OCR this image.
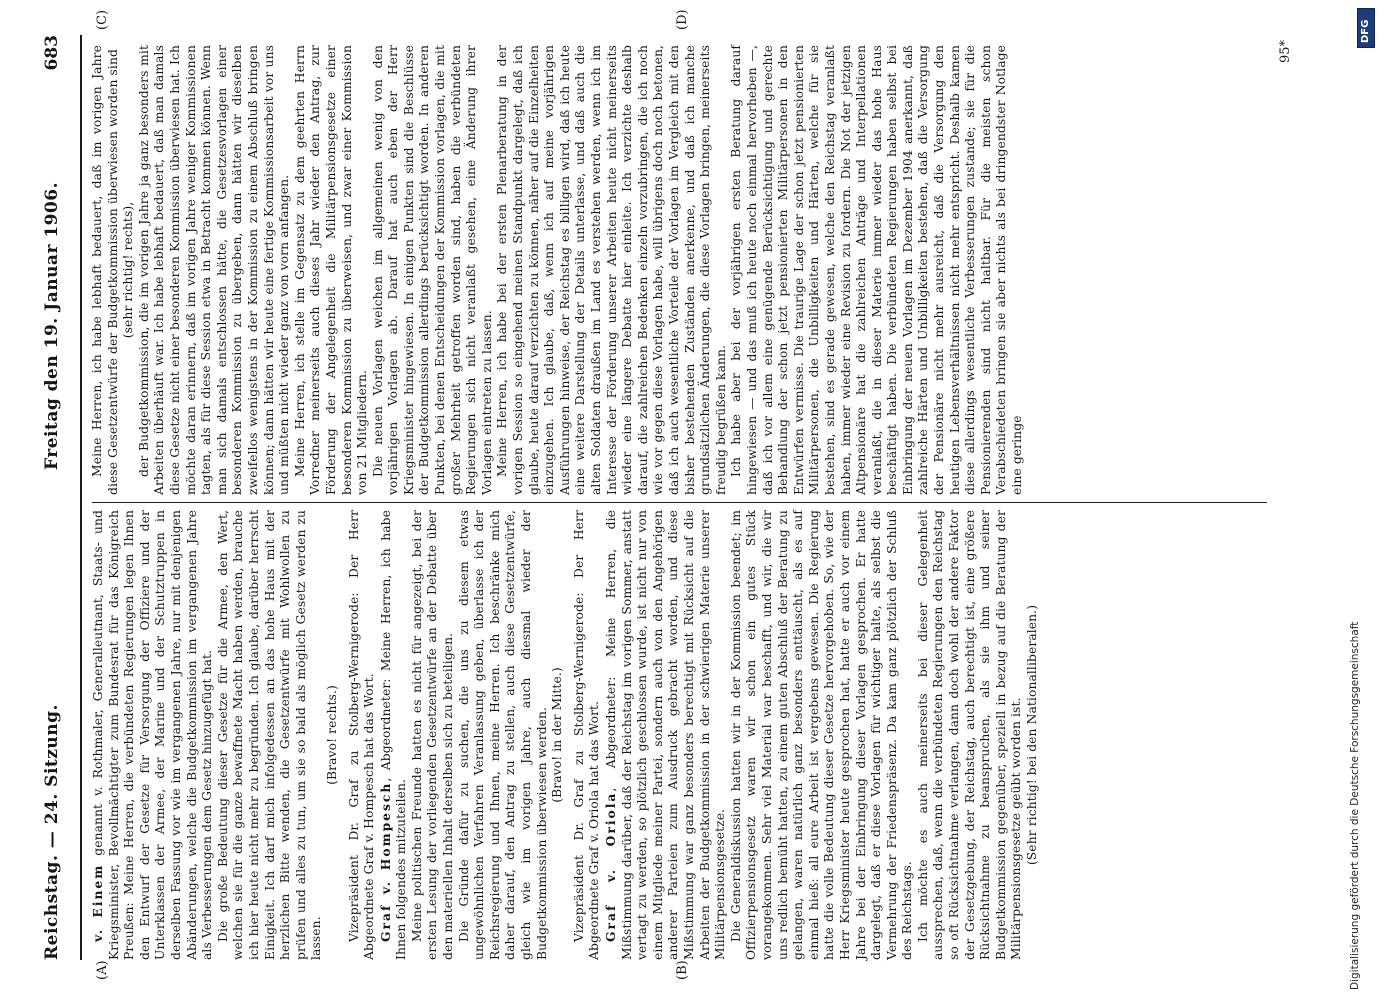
Reichstag. — 24. Sitzung.
Freitag den 19. Januar 1906.
683
(A)	(B)
(C)	(D)

v. Einem genannt v. Rothmaler, Generalleutnant, Staats- und Kriegsminister, Bevollmächtigter zum Bundesrat für das Königreich Preußen: Meine Herren, die verbündeten Regierungen legen Ihnen den Entwurf der Gesetze für Versorgung der Offiziere und der Unterklassen der Armee, der Marine und der Schutztruppen in derselben Fassung vor wie im vergangenen Jahre, nur mit denjenigen Abänderungen, welche die Budgetkommission im vergangenen Jahre als Verbesserungen dem Gesetz hinzugefügt hat. Die große Bedeutung dieser Gesetze für die Armee, den Wert, welchen sie für die ganze bewaffnete Macht haben werden, brauche ich hier heute nicht mehr zu begründen. Ich glaube, darüber herrscht Einigkeit. Ich darf mich infolgedessen an das hohe Haus mit der herzlichen Bitte wenden, die Gesetzentwürfe mit Wohlwollen zu prüfen und alles zu tun, um sie so bald als möglich Gesetz werden zu lassen.

(Bravo! rechts.) Vizepräsident Dr. Graf zu Stolberg-Wernigerode: Der Herr Abgeordnete Graf v. Hompesch hat das Wort. Graf v. Hompesch, Abgeordneter: Meine Herren, ich habe Ihnen folgendes mitzuteilen. Meine politischen Freunde hatten es nicht für angezeigt, bei der ersten Lesung der vorliegenden Gesetzentwürfe an der Debatte über den materiellen Inhalt derselben sich zu beteiligen. Die Gründe dafür zu suchen, die uns zu diesem etwas ungewöhnlichen Verfahren Veranlassung geben, überlasse ich der Reichsregierung und Ihnen, meine Herren. Ich beschränke mich daher darauf, den Antrag zu stellen, auch diese Gesetzentwürfe, gleich wie im vorigen Jahre, auch diesmal wieder der Budgetkommission überwiesen werden. (Bravo! in der Mitte.) Vizepräsident Dr. Graf zu Stolberg-Wernigerode: Der Herr Abgeordnete Graf v. Oriola hat das Wort. Graf v. Oriola, Abgeordneter: Meine Herren, die Mißstimmung darüber, daß der Reichstag im vorigen Sommer, anstatt vertagt zu werden, so plötzlich geschlossen wurde, ist nicht nur von einem Mitgliede meiner Partei, sondern auch von den Angehörigen anderer Parteien zum Ausdruck gebracht worden, und diese Mißstimmung war ganz besonders berechtigt mit Rücksicht auf die Arbeiten der Budgetkommission in der schwierigen Materie unserer Militärpensionsgesetze. Die Generaldiskussion hatten wir in der Kommission beendet; im Offizierpensionsgesetz waren wir schon ein gutes Stück vorangekommen. Sehr viel Material war beschafft, und wir, die wir uns redlich bemüht hatten, zu einem guten Abschluß der Beratung zu gelangen, waren natürlich ganz besonders enttäuscht, als es auf einmal hieß: all eure Arbeit ist vergebens gewesen. Die Regierung hatte die volle Bedeutung dieser Gesetze hervorgehoben. So, wie der Herr Kriegsminister heute gesprochen hat, hatte er auch vor einem Jahre bei der Einbringung dieser Vorlagen gesprochen. Er hatte dargelegt, daß er diese Vorlagen für wichtiger halte, als selbst die Vermehrung der Friedenspräsenz. Da kam ganz plötzlich der Schluß des Reichstags. Ich möchte es auch meinerseits bei dieser Gelegenheit aussprechen, daß, wenn die verbündeten Regierungen den Reichstag so oft Rücksichtnahme verlangen, dann doch wohl der andere Faktor der Gesetzgebung, der Reichstag, auch berechtigt ist, eine größere Rücksichtnahme zu beanspruchen, als sie ihm und seiner Budgetkommission gegenüber, speziell in bezug auf die Beratung der Militärpensionsgesetze geübt worden ist. (Sehr richtig! bei den Nationalliberalen.)

Meine Herren, ich habe lebhaft bedauert, daß im vorigen Jahre diese Gesetzentwürfe der Budgetkommission überwiesen worden sind (sehr richtig! rechts), der Budgetkommission, die im vorigen Jahre ja ganz besonders mit Arbeiten überhäuft war. Ich habe lebhaft bedauert, daß man damals diese Gesetze nicht einer besonderen Kommission überwiesen hat. Ich möchte daran erinnern, daß im vorigen Jahre weniger Kommissionen tagten, als für diese Session etwa in Betracht kommen können. Wenn man sich damals entschlossen hätte, die Gesetzesvorlagen einer besonderen Kommission zu übergeben, dann hätten wir dieselben zweifellos wenigstens in der Kommission zu einem Abschluß bringen können; dann hätten wir heute eine fertige Kommissionsarbeit vor uns und müßten nicht wieder ganz von vorn anfangen. Meine Herren, ich stelle im Gegensatz zu dem geehrten Herrn Vorredner meinerseits auch dieses Jahr wieder den Antrag, zur Förderung der Angelegenheit die Militärpensionsgesetze einer besonderen Kommission zu überweisen, und zwar einer Kommission von 21 Mitgliedern. Die neuen Vorlagen weichen im allgemeinen wenig von den vorjährigen Vorlagen ab. Darauf hat auch eben der Herr Kriegsminister hingewiesen. In einigen Punkten sind die Beschlüsse der Budgetkommission allerdings berücksichtigt worden. In anderen Punkten, bei denen Entscheidungen der Kommission vorlagen, die mit großer Mehrheit getroffen worden sind, haben die verbündeten Regierungen sich nicht veranlaßt gesehen, eine Änderung ihrer Vorlagen eintreten zu lassen. Meine Herren, ich habe bei der ersten Plenarberatung in der vorigen Session so eingehend meinen Standpunkt dargelegt, daß ich glaube, heute darauf verzichten zu können, näher auf die Einzelheiten einzugehen. Ich glaube, daß, wenn ich auf meine vorjährigen Ausführungen hinweise, der Reichstag es billigen wird, daß ich heute eine weitere Darstellung der Details unterlasse, und daß auch die alten Soldaten draußen im Land es verstehen werden, wenn ich im Interesse der Förderung unserer Arbeiten heute nicht meinerseits wieder eine längere Debatte hier einleite. Ich verzichte deshalb darauf, die zahlreichen Bedenken einzeln vorzubringen, die ich noch wie vor gegen diese Vorlagen habe, will übrigens doch noch betonen, daß ich auch wesentliche Vorteile der Vorlagen im Vergleich mit den bisher bestehenden Zuständen anerkenne, und daß ich manche grundsätzlichen Änderungen, die diese Vorlagen bringen, meinerseits freudig begrüßen kann. Ich habe aber bei der vorjährigen ersten Beratung darauf hingewiesen — und das muß ich heute noch einmal hervorheben —, daß ich vor allem eine genügende Berücksichtigung und gerechte Behandlung der schon jetzt pensionierten Militärpersonen in den Entwürfen vermisse. Die traurige Lage der schon jetzt pensionierten Militärpersonen, die Unbilligkeiten und Härten, welche für sie bestehen, sind es gerade gewesen, welche den Reichstag veranlaßt haben, immer wieder eine Revision zu fordern. Die Not der jetzigen Altpensionäre hat die zahlreichen Anträge und Interpellationen veranlaßt, die in dieser Materie immer wieder das hohe Haus beschäftigt haben. Die verbündeten Regierungen haben selbst bei Einbringung der neuen Vorlagen im Dezember 1904 anerkannt, daß zahlreiche Härten und Unbilligkeiten bestehen, daß die Versorgung der Pensionäre nicht mehr ausreicht, daß die Versorgung den heutigen Lebensverhältnissen nicht mehr entspricht. Deshalb kamen diese allerdings wesentliche Verbesserungen zustande; sie für die Pensionierenden sind nicht haltbar. Für die meisten schon Verabschiedeten bringen sie aber nichts als bei dringendster Notlage eine geringe

95*
DFG
Digitalisierung gefördert durch die Deutsche Forschungsgemeinschaft
